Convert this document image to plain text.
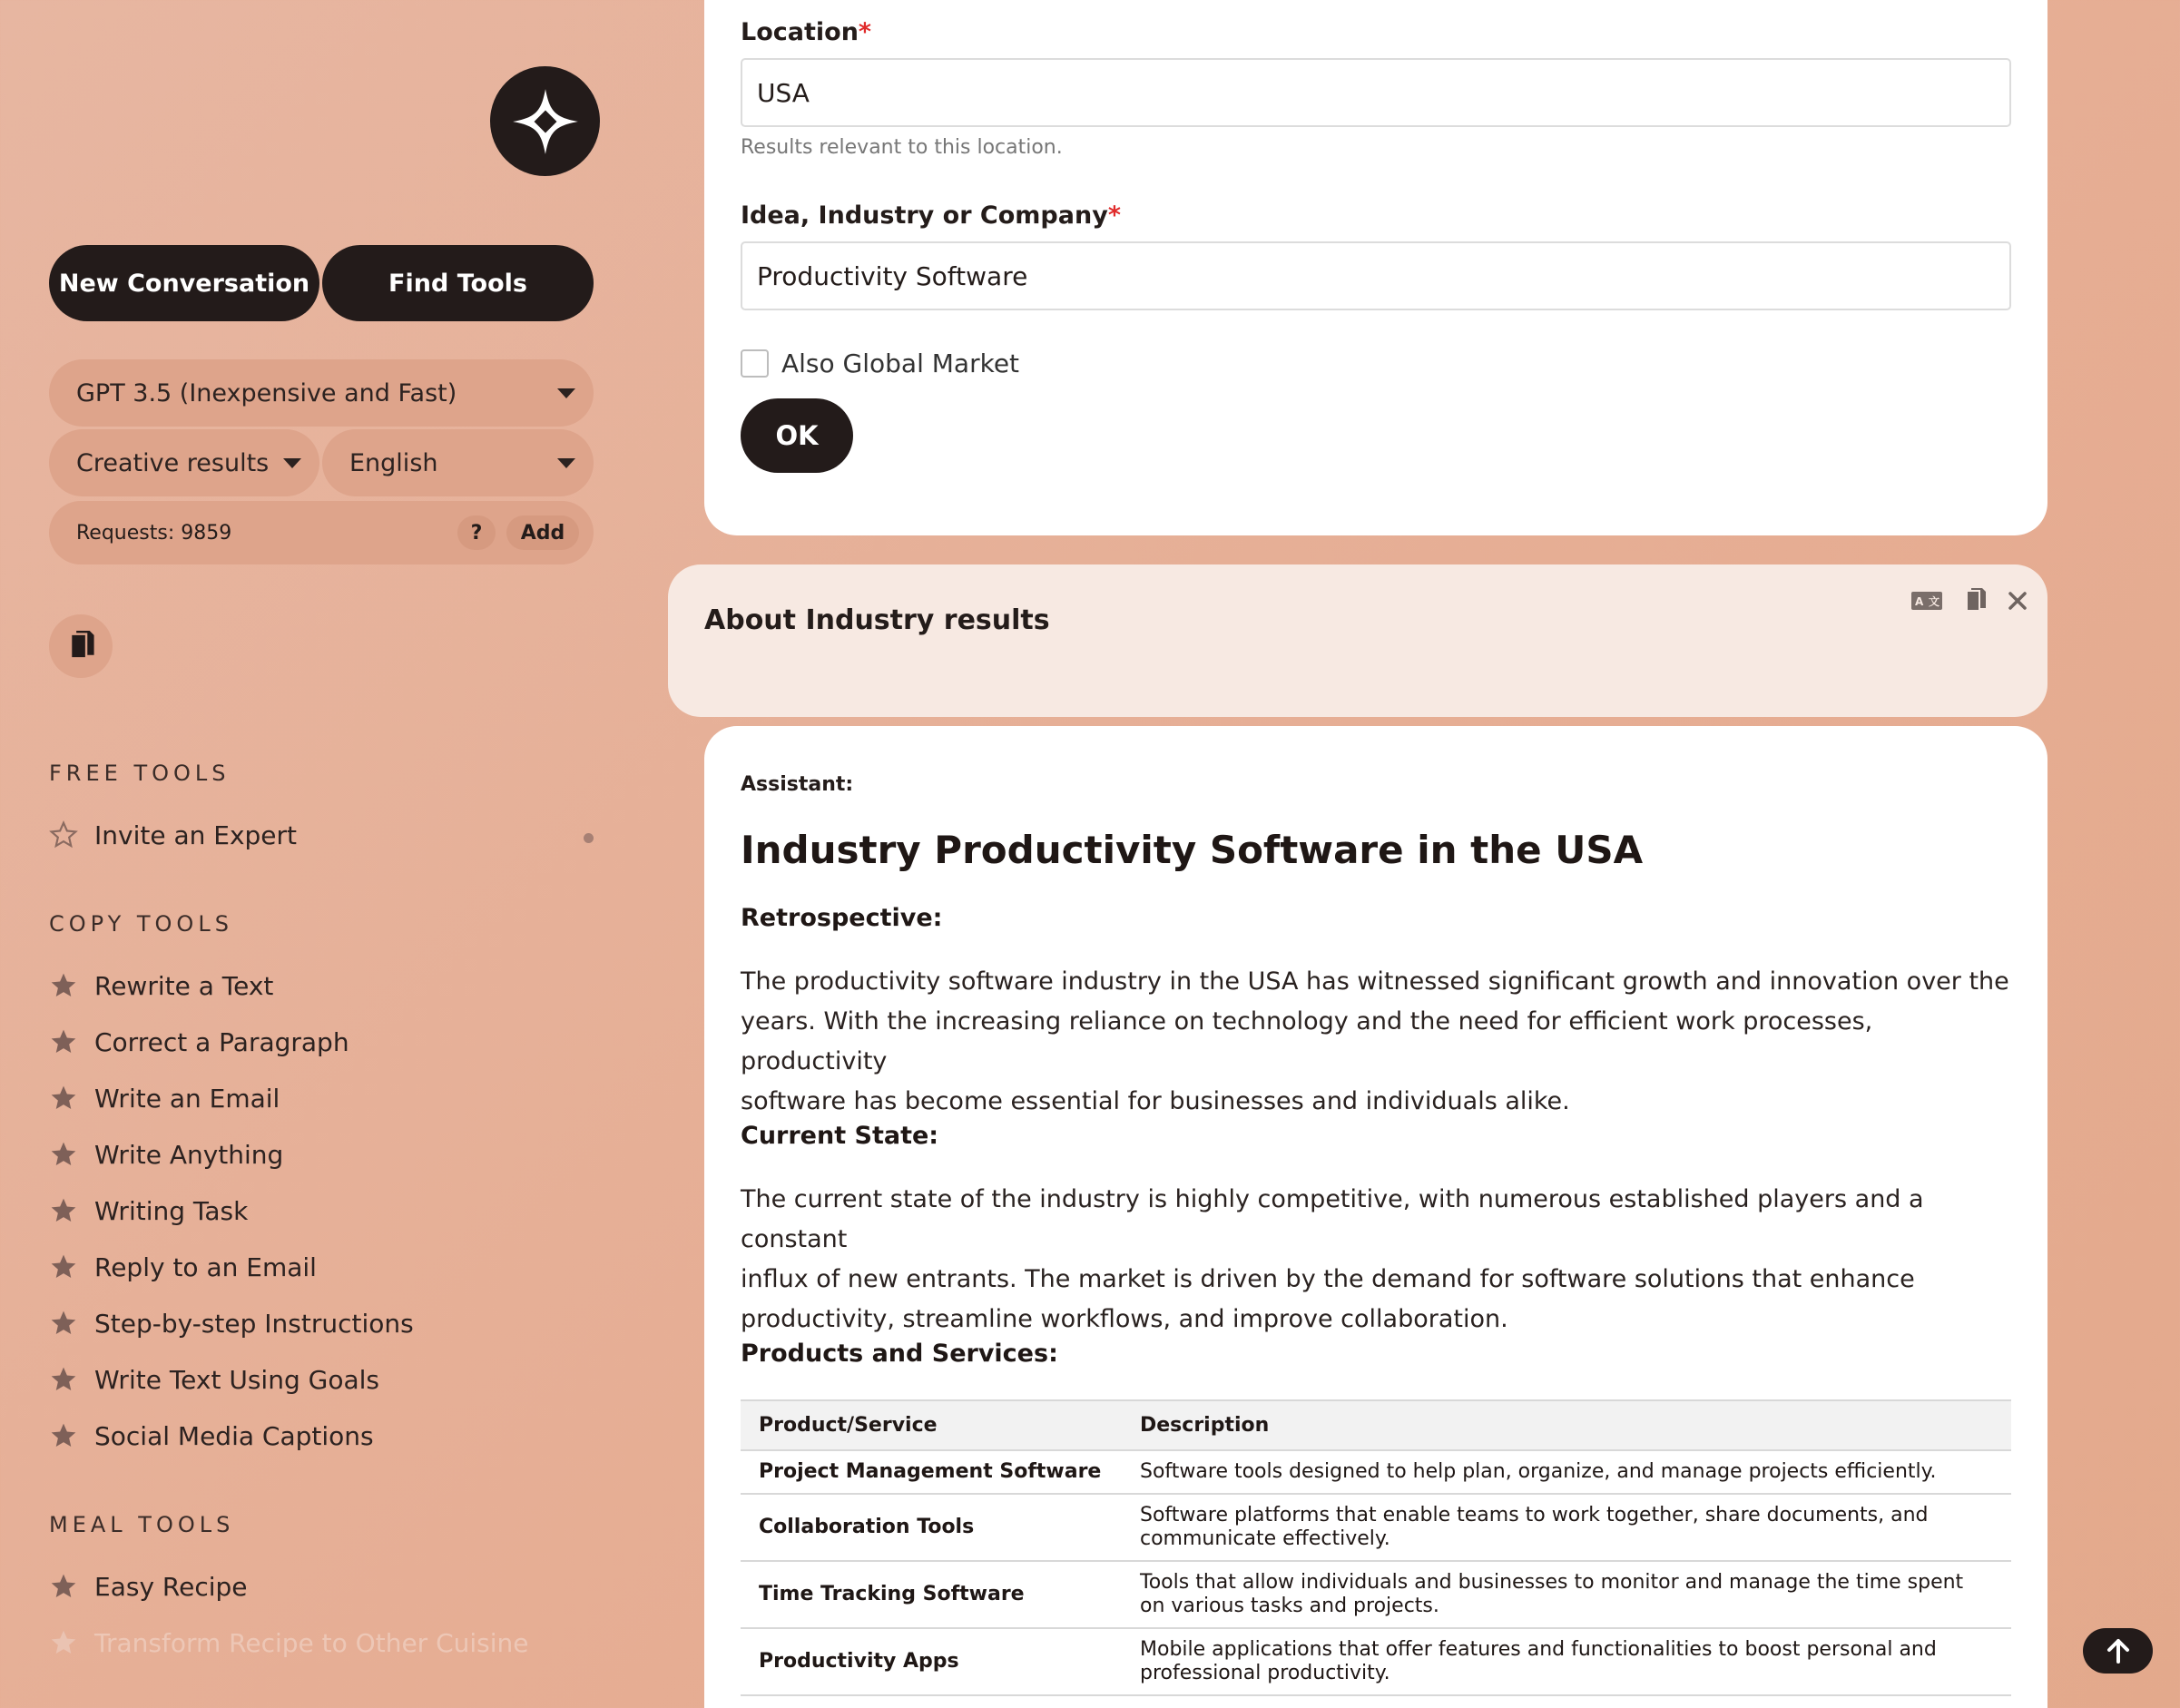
New Conversation	Find Tools
GPT 3.5 (Inexpensive and Fast)
Creative results	English
Requests: 9859	?	Add
FREE TOOLS
Invite an Expert
COPY TOOLS
Rewrite a Text
Correct a Paragraph
Write an Email
Write Anything
Writing Task
Reply to an Email
Step-by-step Instructions
Write Text Using Goals
Social Media Captions
MEAL TOOLS
Easy Recipe
Transform Recipe to Other Cuisine
Location*
USA
Results relevant to this location.
Idea, Industry or Company*
Productivity Software
Also Global Market
OK
About Industry results
A 文
Assistant:
Industry Productivity Software in the USA
Retrospective:
The productivity software industry in the USA has witnessed significant growth and innovation over the
years. With the increasing reliance on technology and the need for efficient work processes, productivity
software has become essential for businesses and individuals alike.
Current State:
The current state of the industry is highly competitive, with numerous established players and a constant
influx of new entrants. The market is driven by the demand for software solutions that enhance
productivity, streamline workflows, and improve collaboration.
Products and Services:
Product/Service	Description
Project Management Software	Software tools designed to help plan, organize, and manage projects efficiently.
Collaboration Tools	Software platforms that enable teams to work together, share documents, and communicate effectively.
Time Tracking Software	Tools that allow individuals and businesses to monitor and manage the time spent on various tasks and projects.
Productivity Apps	Mobile applications that offer features and functionalities to boost personal and professional productivity.
